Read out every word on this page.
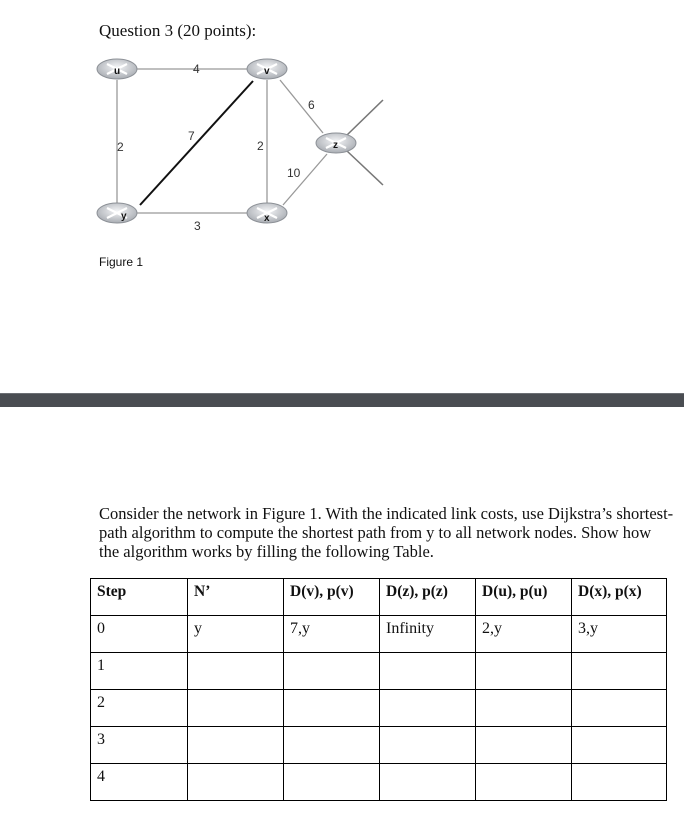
Question 3 (20 points):
4
2
7
2
6
10
3
u	v
z
y	x
Figure 1
Consider the network in Figure 1. With the indicated link costs, use Dijkstra’s shortest-path algorithm to compute the shortest path from y to all network nodes. Show how the algorithm works by filling the following Table.
Step	N’	D(v), p(v)	D(z), p(z)	D(u), p(u)	D(x), p(x)
0	y	7,y	Infinity	2,y	3,y
1					
2					
3					
4					
